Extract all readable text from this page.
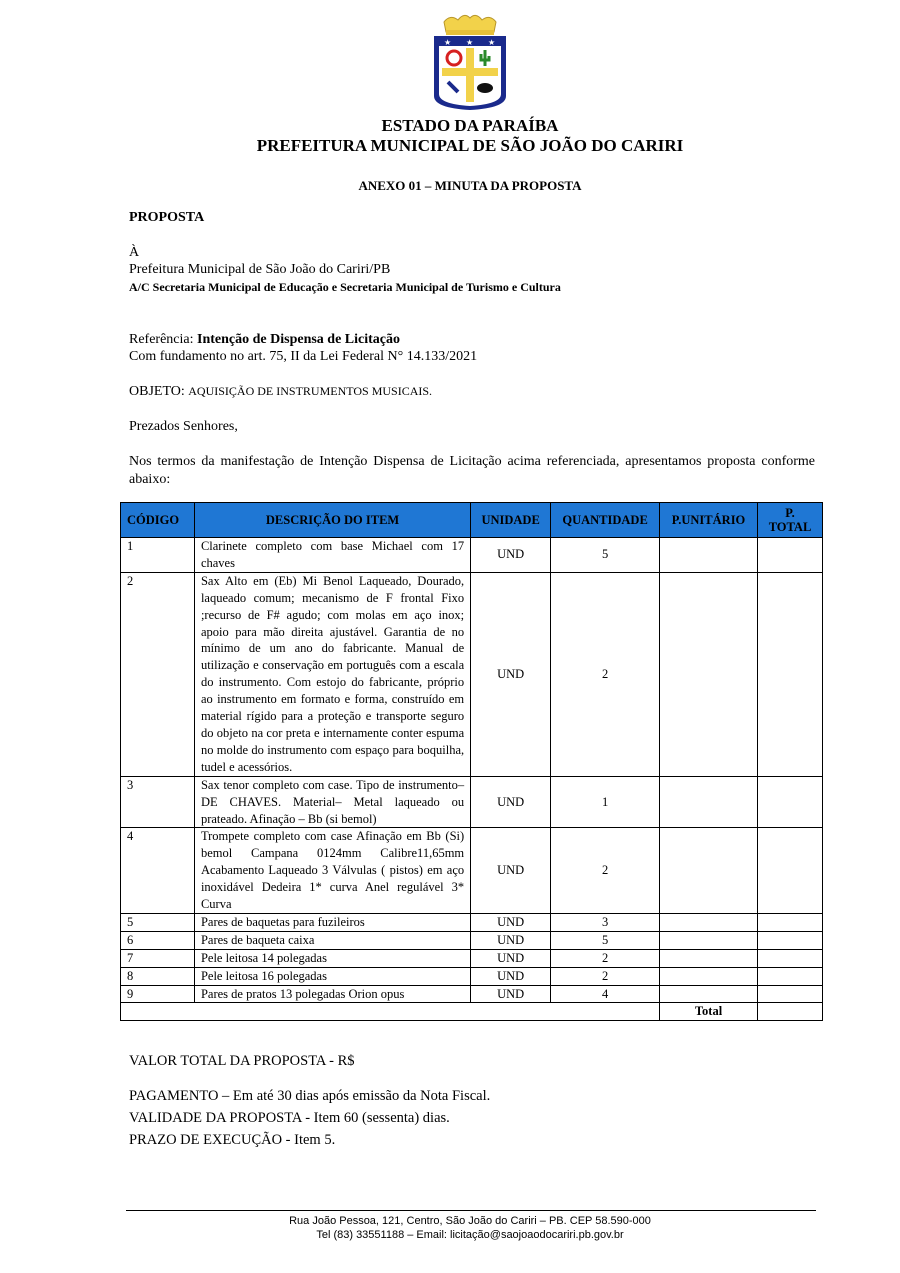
★ ★ ★
ESTADO DA PARAÍBA
PREFEITURA MUNICIPAL DE SÃO JOÃO DO CARIRI
ANEXO 01 – MINUTA DA PROPOSTA
PROPOSTA
À
Prefeitura Municipal de São João do Cariri/PB
A/C Secretaria Municipal de Educação e Secretaria Municipal de Turismo e Cultura
Referência: Intenção de Dispensa de Licitação
Com fundamento no art. 75, II da Lei Federal N° 14.133/2021
OBJETO: AQUISIÇÃO DE INSTRUMENTOS MUSICAIS.
Prezados Senhores,
Nos termos da manifestação de Intenção Dispensa de Licitação acima referenciada, apresentamos proposta conforme abaixo:
CÓDIGO	DESCRIÇÃO DO ITEM	UNIDADE	QUANTIDADE	P.UNITÁRIO	P. TOTAL
1	Clarinete completo com base Michael com 17 chaves	UND	5		
2	Sax Alto em (Eb) Mi Benol Laqueado, Dourado, laqueado comum; mecanismo de F frontal Fixo ;recurso de F# agudo; com molas em aço inox; apoio para mão direita ajustável. Garantia de no mínimo de um ano do fabricante. Manual de utilização e conservação em português com a escala do instrumento. Com estojo do fabricante, próprio ao instrumento em formato e forma, construído em material rígido para a proteção e transporte seguro do objeto na cor preta e internamente conter espuma no molde do instrumento com espaço para boquilha, tudel e acessórios.	UND	2		
3	Sax tenor completo com case. Tipo de instrumento– DE CHAVES. Material– Metal laqueado ou prateado. Afinação – Bb (si bemol)	UND	1		
4	Trompete completo com case Afinação em Bb (Si) bemol Campana 0124mm Calibre11,65mm Acabamento Laqueado 3 Válvulas ( pistos) em aço inoxidável Dedeira 1* curva Anel regulável 3* Curva	UND	2		
5	Pares de baquetas para fuzileiros	UND	3		
6	Pares de baqueta caixa	UND	5		
7	Pele leitosa 14 polegadas	UND	2		
8	Pele leitosa 16 polegadas	UND	2		
9	Pares de pratos 13 polegadas Orion opus	UND	4		
				Total	
VALOR TOTAL DA PROPOSTA - R$
PAGAMENTO – Em até 30 dias após emissão da Nota Fiscal.
VALIDADE DA PROPOSTA - Item 60 (sessenta) dias.
PRAZO DE EXECUÇÃO - Item 5.
Rua João Pessoa, 121, Centro, São João do Cariri – PB. CEP 58.590-000
Tel (83) 33551188 – Email: licitação@saojoaodocariri.pb.gov.br
